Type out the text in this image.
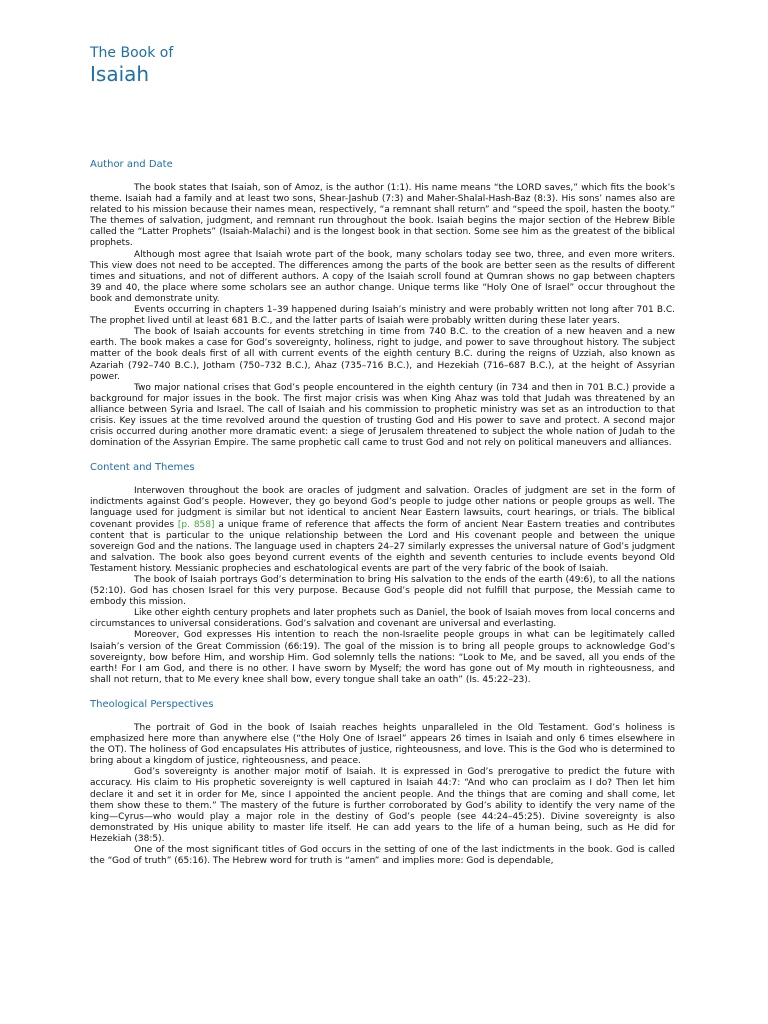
The Book of
Isaiah
Author and Date

The book states that Isaiah, son of Amoz, is the author (1:1). His name means “the LORD saves,” which fits the book’s theme. Isaiah had a family and at least two sons, Shear-Jashub (7:3) and Maher-Shalal-Hash-Baz (8:3). His sons’ names also are related to his mission because their names mean, respectively, “a remnant shall return” and “speed the spoil, hasten the booty.” The themes of salvation, judgment, and remnant run throughout the book. Isaiah begins the major section of the Hebrew Bible called the “Latter Prophets” (Isaiah-Malachi) and is the longest book in that section. Some see him as the greatest of the biblical prophets.

Although most agree that Isaiah wrote part of the book, many scholars today see two, three, and even more writers. This view does not need to be accepted. The differences among the parts of the book are better seen as the results of different times and situations, and not of different authors. A copy of the Isaiah scroll found at Qumran shows no gap between chapters 39 and 40, the place where some scholars see an author change. Unique terms like “Holy One of Israel” occur throughout the book and demonstrate unity.

Events occurring in chapters 1–39 happened during Isaiah’s ministry and were probably written not long after 701 B.C. The prophet lived until at least 681 B.C., and the latter parts of Isaiah were probably written during these later years.

The book of Isaiah accounts for events stretching in time from 740 B.C. to the creation of a new heaven and a new earth. The book makes a case for God’s sovereignty, holiness, right to judge, and power to save throughout history. The subject matter of the book deals first of all with current events of the eighth century B.C. during the reigns of Uzziah, also known as Azariah (792–740 B.C.), Jotham (750–732 B.C.), Ahaz (735–716 B.C.), and Hezekiah (716–687 B.C.), at the height of Assyrian power.

Two major national crises that God’s people encountered in the eighth century (in 734 and then in 701 B.C.) provide a background for major issues in the book. The first major crisis was when King Ahaz was told that Judah was threatened by an alliance between Syria and Israel. The call of Isaiah and his commission to prophetic ministry was set as an introduction to that crisis. Key issues at the time revolved around the question of trusting God and His power to save and protect. A second major crisis occurred during another more dramatic event: a siege of Jerusalem threatened to subject the whole nation of Judah to the domination of the Assyrian Empire. The same prophetic call came to trust God and not rely on political maneuvers and alliances.

Content and Themes

Interwoven throughout the book are oracles of judgment and salvation. Oracles of judgment are set in the form of indictments against God’s people. However, they go beyond God’s people to judge other nations or people groups as well. The language used for judgment is similar but not identical to ancient Near Eastern lawsuits, court hearings, or trials. The biblical covenant provides [p. 858] a unique frame of reference that affects the form of ancient Near Eastern treaties and contributes content that is particular to the unique relationship between the Lord and His covenant people and between the unique sovereign God and the nations. The language used in chapters 24–27 similarly expresses the universal nature of God’s judgment and salvation. The book also goes beyond current events of the eighth and seventh centuries to include events beyond Old Testament history. Messianic prophecies and eschatological events are part of the very fabric of the book of Isaiah.

The book of Isaiah portrays God’s determination to bring His salvation to the ends of the earth (49:6), to all the nations (52:10). God has chosen Israel for this very purpose. Because God’s people did not fulfill that purpose, the Messiah came to embody this mission.

Like other eighth century prophets and later prophets such as Daniel, the book of Isaiah moves from local concerns and circumstances to universal considerations. God’s salvation and covenant are universal and everlasting.

Moreover, God expresses His intention to reach the non-Israelite people groups in what can be legitimately called Isaiah’s version of the Great Commission (66:19). The goal of the mission is to bring all people groups to acknowledge God’s sovereignty, bow before Him, and worship Him. God solemnly tells the nations: “Look to Me, and be saved, all you ends of the earth! For I am God, and there is no other. I have sworn by Myself; the word has gone out of My mouth in righteousness, and shall not return, that to Me every knee shall bow, every tongue shall take an oath” (Is. 45:22–23).

Theological Perspectives

The portrait of God in the book of Isaiah reaches heights unparalleled in the Old Testament. God’s holiness is emphasized here more than anywhere else (“the Holy One of Israel” appears 26 times in Isaiah and only 6 times elsewhere in the OT). The holiness of God encapsulates His attributes of justice, righteousness, and love. This is the God who is determined to bring about a kingdom of justice, righteousness, and peace.

God’s sovereignty is another major motif of Isaiah. It is expressed in God’s prerogative to predict the future with accuracy. His claim to His prophetic sovereignty is well captured in Isaiah 44:7: “And who can proclaim as I do? Then let him declare it and set it in order for Me, since I appointed the ancient people. And the things that are coming and shall come, let them show these to them.” The mastery of the future is further corroborated by God’s ability to identify the very name of the king—Cyrus—who would play a major role in the destiny of God’s people (see 44:24–45:25). Divine sovereignty is also demonstrated by His unique ability to master life itself. He can add years to the life of a human being, such as He did for Hezekiah (38:5).

One of the most significant titles of God occurs in the setting of one of the last indictments in the book. God is called the “God of truth” (65:16). The Hebrew word for truth is “amen” and implies more: God is dependable,
